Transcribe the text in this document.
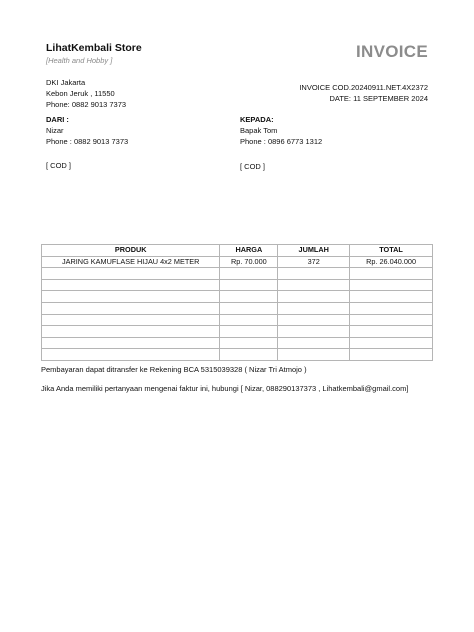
LihatKembali Store
[Health and Hobby ]	INVOICE
DKI Jakarta
Kebon Jeruk , 11550
Phone: 0882 9013 7373
INVOICE COD.20240911.NET.4X2372
DATE: 11 SEPTEMBER 2024
DARI :
Nizar
Phone : 0882 9013 7373
KEPADA:
Bapak Tom
Phone : 0896 6773 1312
[ COD ]	[ COD ]
PRODUK	HARGA	JUMLAH	TOTAL
JARING KAMUFLASE HIJAU 4x2 METER	Rp. 70.000	372	Rp. 26.040.000

Pembayaran dapat ditransfer ke Rekening BCA 5315039328 ( Nizar Tri Atmojo )
Jika Anda memiliki pertanyaan mengenai faktur ini, hubungi [ Nizar, 088290137373 , Lihatkembali@gmail.com]
